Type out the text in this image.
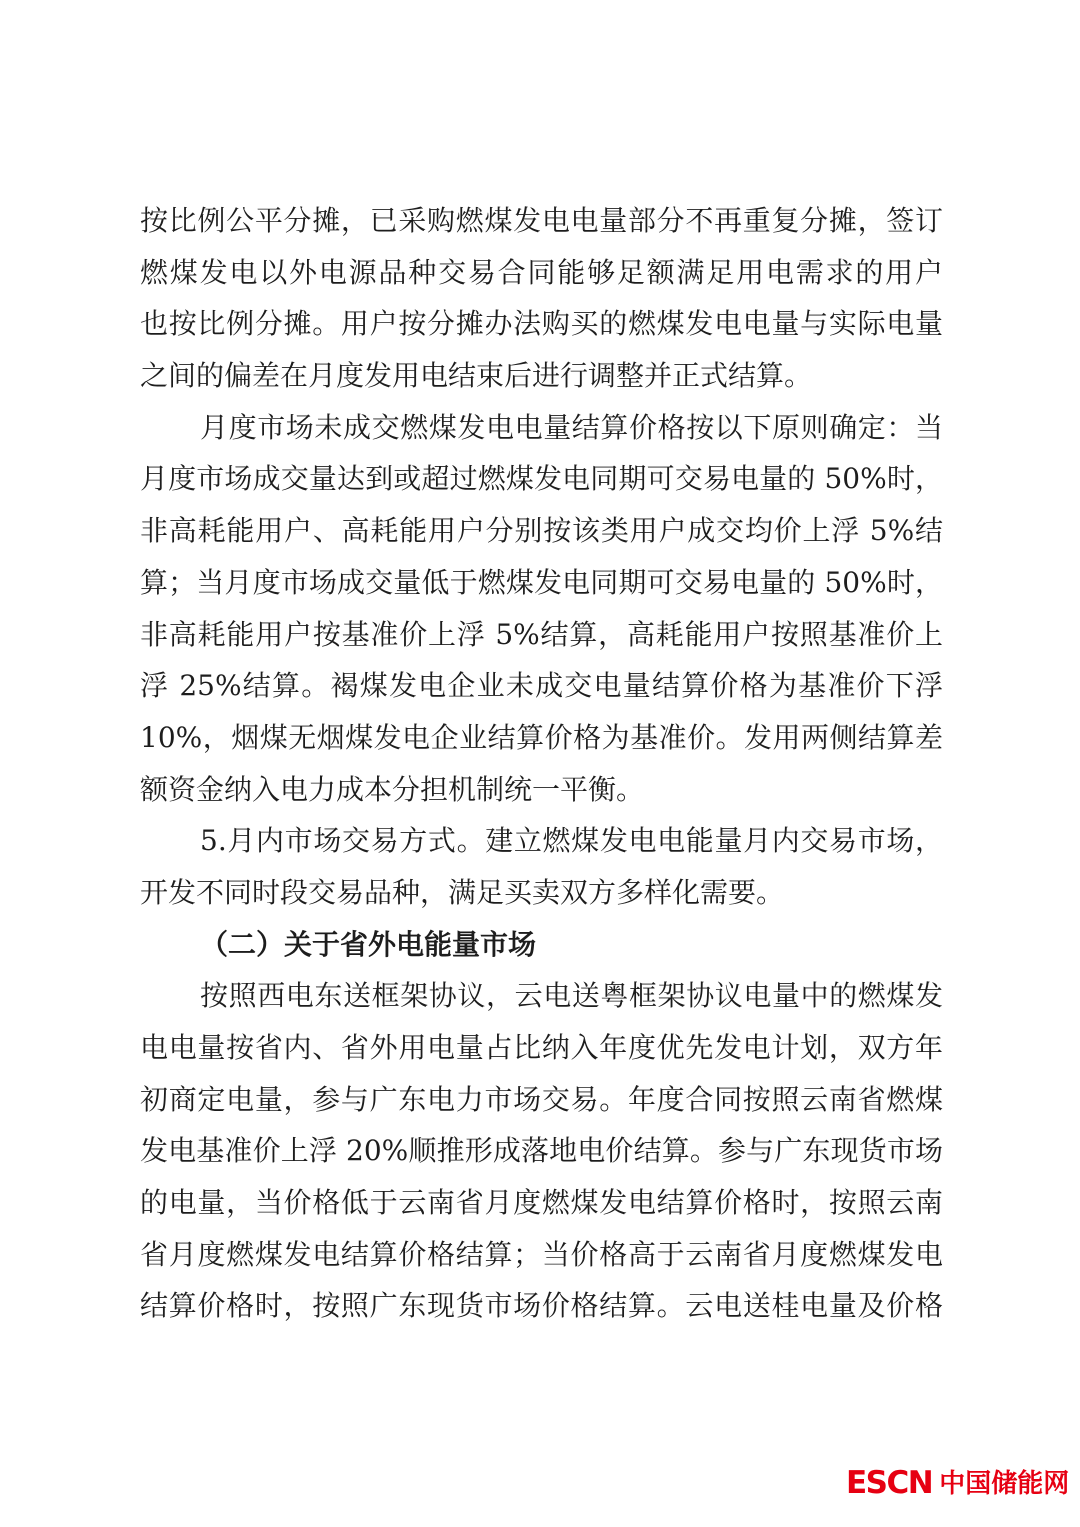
按比例公平分摊，已采购燃煤发电电量部分不再重复分摊，签订
燃煤发电以外电源品种交易合同能够足额满足用电需求的用户
也按比例分摊。用户按分摊办法购买的燃煤发电电量与实际电量
之间的偏差在月度发用电结束后进行调整并正式结算。
月度市场未成交燃煤发电电量结算价格按以下原则确定：当
月度市场成交量达到或超过燃煤发电同期可交易电量的 50%时，
非高耗能用户、高耗能用户分别按该类用户成交均价上浮 5%结
算；当月度市场成交量低于燃煤发电同期可交易电量的 50%时，
非高耗能用户按基准价上浮 5%结算，高耗能用户按照基准价上
浮 25%结算。褐煤发电企业未成交电量结算价格为基准价下浮
10%，烟煤无烟煤发电企业结算价格为基准价。发用两侧结算差
额资金纳入电力成本分担机制统一平衡。
5.月内市场交易方式。建立燃煤发电电能量月内交易市场，
开发不同时段交易品种，满足买卖双方多样化需要。
（二）关于省外电能量市场
按照西电东送框架协议，云电送粤框架协议电量中的燃煤发
电电量按省内、省外用电量占比纳入年度优先发电计划，双方年
初商定电量，参与广东电力市场交易。年度合同按照云南省燃煤
发电基准价上浮 20%顺推形成落地电价结算。参与广东现货市场
的电量，当价格低于云南省月度燃煤发电结算价格时，按照云南
省月度燃煤发电结算价格结算；当价格高于云南省月度燃煤发电
结算价格时，按照广东现货市场价格结算。云电送桂电量及价格
ESCN 中国储能网
